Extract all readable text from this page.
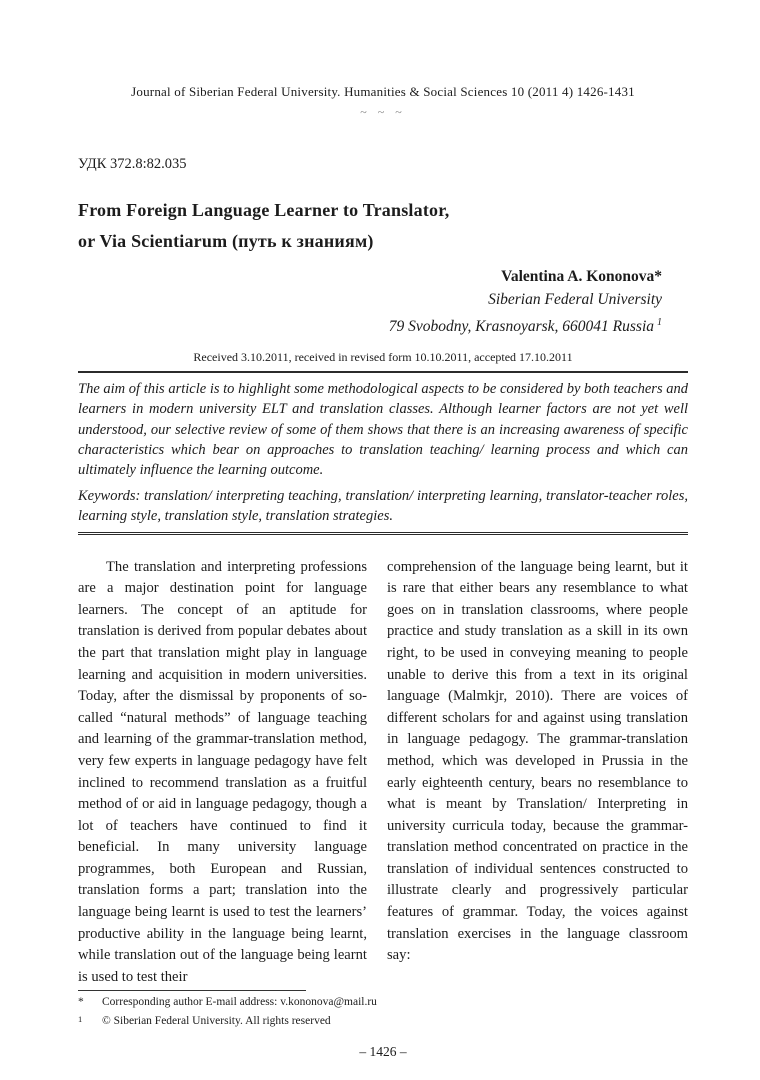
Journal of Siberian Federal University. Humanities & Social Sciences 10 (2011 4) 1426-1431
~ ~ ~
УДК 372.8:82.035
From Foreign Language Learner to Translator,
or Via Scientiarum (путь к знаниям)
Valentina A. Kononova*
Siberian Federal University
79 Svobodny, Krasnoyarsk, 660041 Russia $^1$
Received 3.10.2011, received in revised form 10.10.2011, accepted 17.10.2011
The aim of this article is to highlight some methodological aspects to be considered by both teachers and learners in modern university ELT and translation classes. Although learner factors are not yet well understood, our selective review of some of them shows that there is an increasing awareness of specific characteristics which bear on approaches to translation teaching/ learning process and which can ultimately influence the learning outcome.
Keywords: translation/ interpreting teaching, translation/ interpreting learning, translator-teacher roles, learning style, translation style, translation strategies.

The translation and interpreting professions are a major destination point for language learners. The concept of an aptitude for translation is derived from popular debates about the part that translation might play in language learning and acquisition in modern universities. Today, after the dismissal by proponents of so-called “natural methods” of language teaching and learning of the grammar-translation method, very few experts in language pedagogy have felt inclined to recommend translation as a fruitful method of or aid in language pedagogy, though a lot of teachers have continued to find it beneficial. In many university language programmes, both European and Russian, translation forms a part; translation into the language being learnt is used to test the learners’ productive ability in the language being learnt, while translation out of the language being learnt is used to test their

comprehension of the language being learnt, but it is rare that either bears any resemblance to what goes on in translation classrooms, where people practice and study translation as a skill in its own right, to be used in conveying meaning to people unable to derive this from a text in its original language (Malmkjr, 2010). There are voices of different scholars for and against using translation in language pedagogy. The grammar-translation method, which was developed in Prussia in the early eighteenth century, bears no resemblance to what is meant by Translation/ Interpreting in university curricula today, because the grammar-translation method concentrated on practice in the translation of individual sentences constructed to illustrate clearly and progressively particular features of grammar. Today, the voices against translation exercises in the language classroom say:

*	Corresponding author E-mail address: v.kononova@mail.ru
1	© Siberian Federal University. All rights reserved
– 1426 –
